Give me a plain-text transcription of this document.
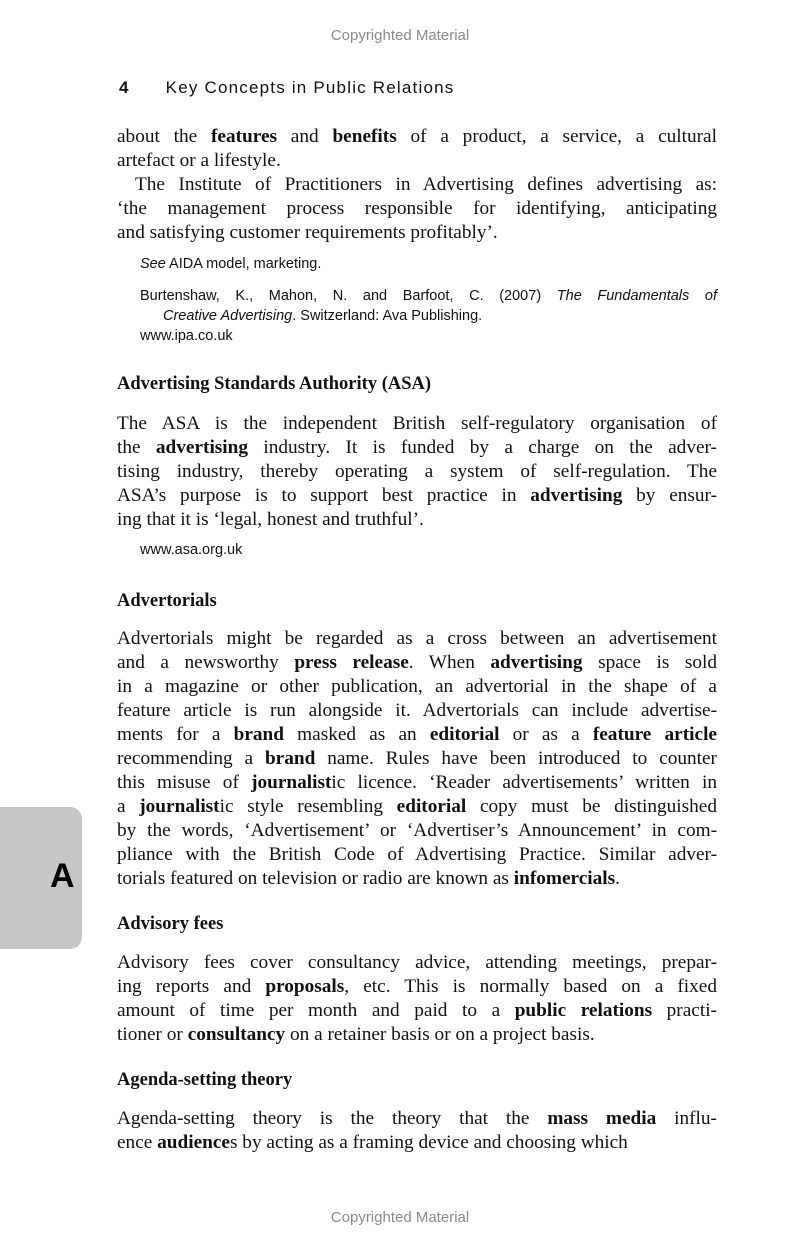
Copyrighted Material
4 Key Concepts in Public Relations
A
about the features and benefits of a product, a service, a cultural
artefact or a lifestyle.
The Institute of Practitioners in Advertising defines advertising as:
‘the management process responsible for identifying, anticipating
and satisfying customer requirements profitably’.
See AIDA model, marketing.
Burtenshaw, K., Mahon, N. and Barfoot, C. (2007) The Fundamentals of
Creative Advertising. Switzerland: Ava Publishing.
www.ipa.co.uk
Advertising Standards Authority (ASA)
The ASA is the independent British self-regulatory organisation of
the advertising industry. It is funded by a charge on the adver-
tising industry, thereby operating a system of self-regulation. The
ASA’s purpose is to support best practice in advertising by ensur-
ing that it is ‘legal, honest and truthful’.
www.asa.org.uk
Advertorials
Advertorials might be regarded as a cross between an advertisement
and a newsworthy press release. When advertising space is sold
in a magazine or other publication, an advertorial in the shape of a
feature article is run alongside it. Advertorials can include advertise-
ments for a brand masked as an editorial or as a feature article
recommending a brand name. Rules have been introduced to counter
this misuse of journalistic licence. ‘Reader advertisements’ written in
a journalistic style resembling editorial copy must be distinguished
by the words, ‘Advertisement’ or ‘Advertiser’s Announcement’ in com-
pliance with the British Code of Advertising Practice. Similar adver-
torials featured on television or radio are known as infomercials.
Advisory fees
Advisory fees cover consultancy advice, attending meetings, prepar-
ing reports and proposals, etc. This is normally based on a fixed
amount of time per month and paid to a public relations practi-
tioner or consultancy on a retainer basis or on a project basis.
Agenda-setting theory
Agenda-setting theory is the theory that the mass media influ-
ence audiences by acting as a framing device and choosing which
Copyrighted Material
